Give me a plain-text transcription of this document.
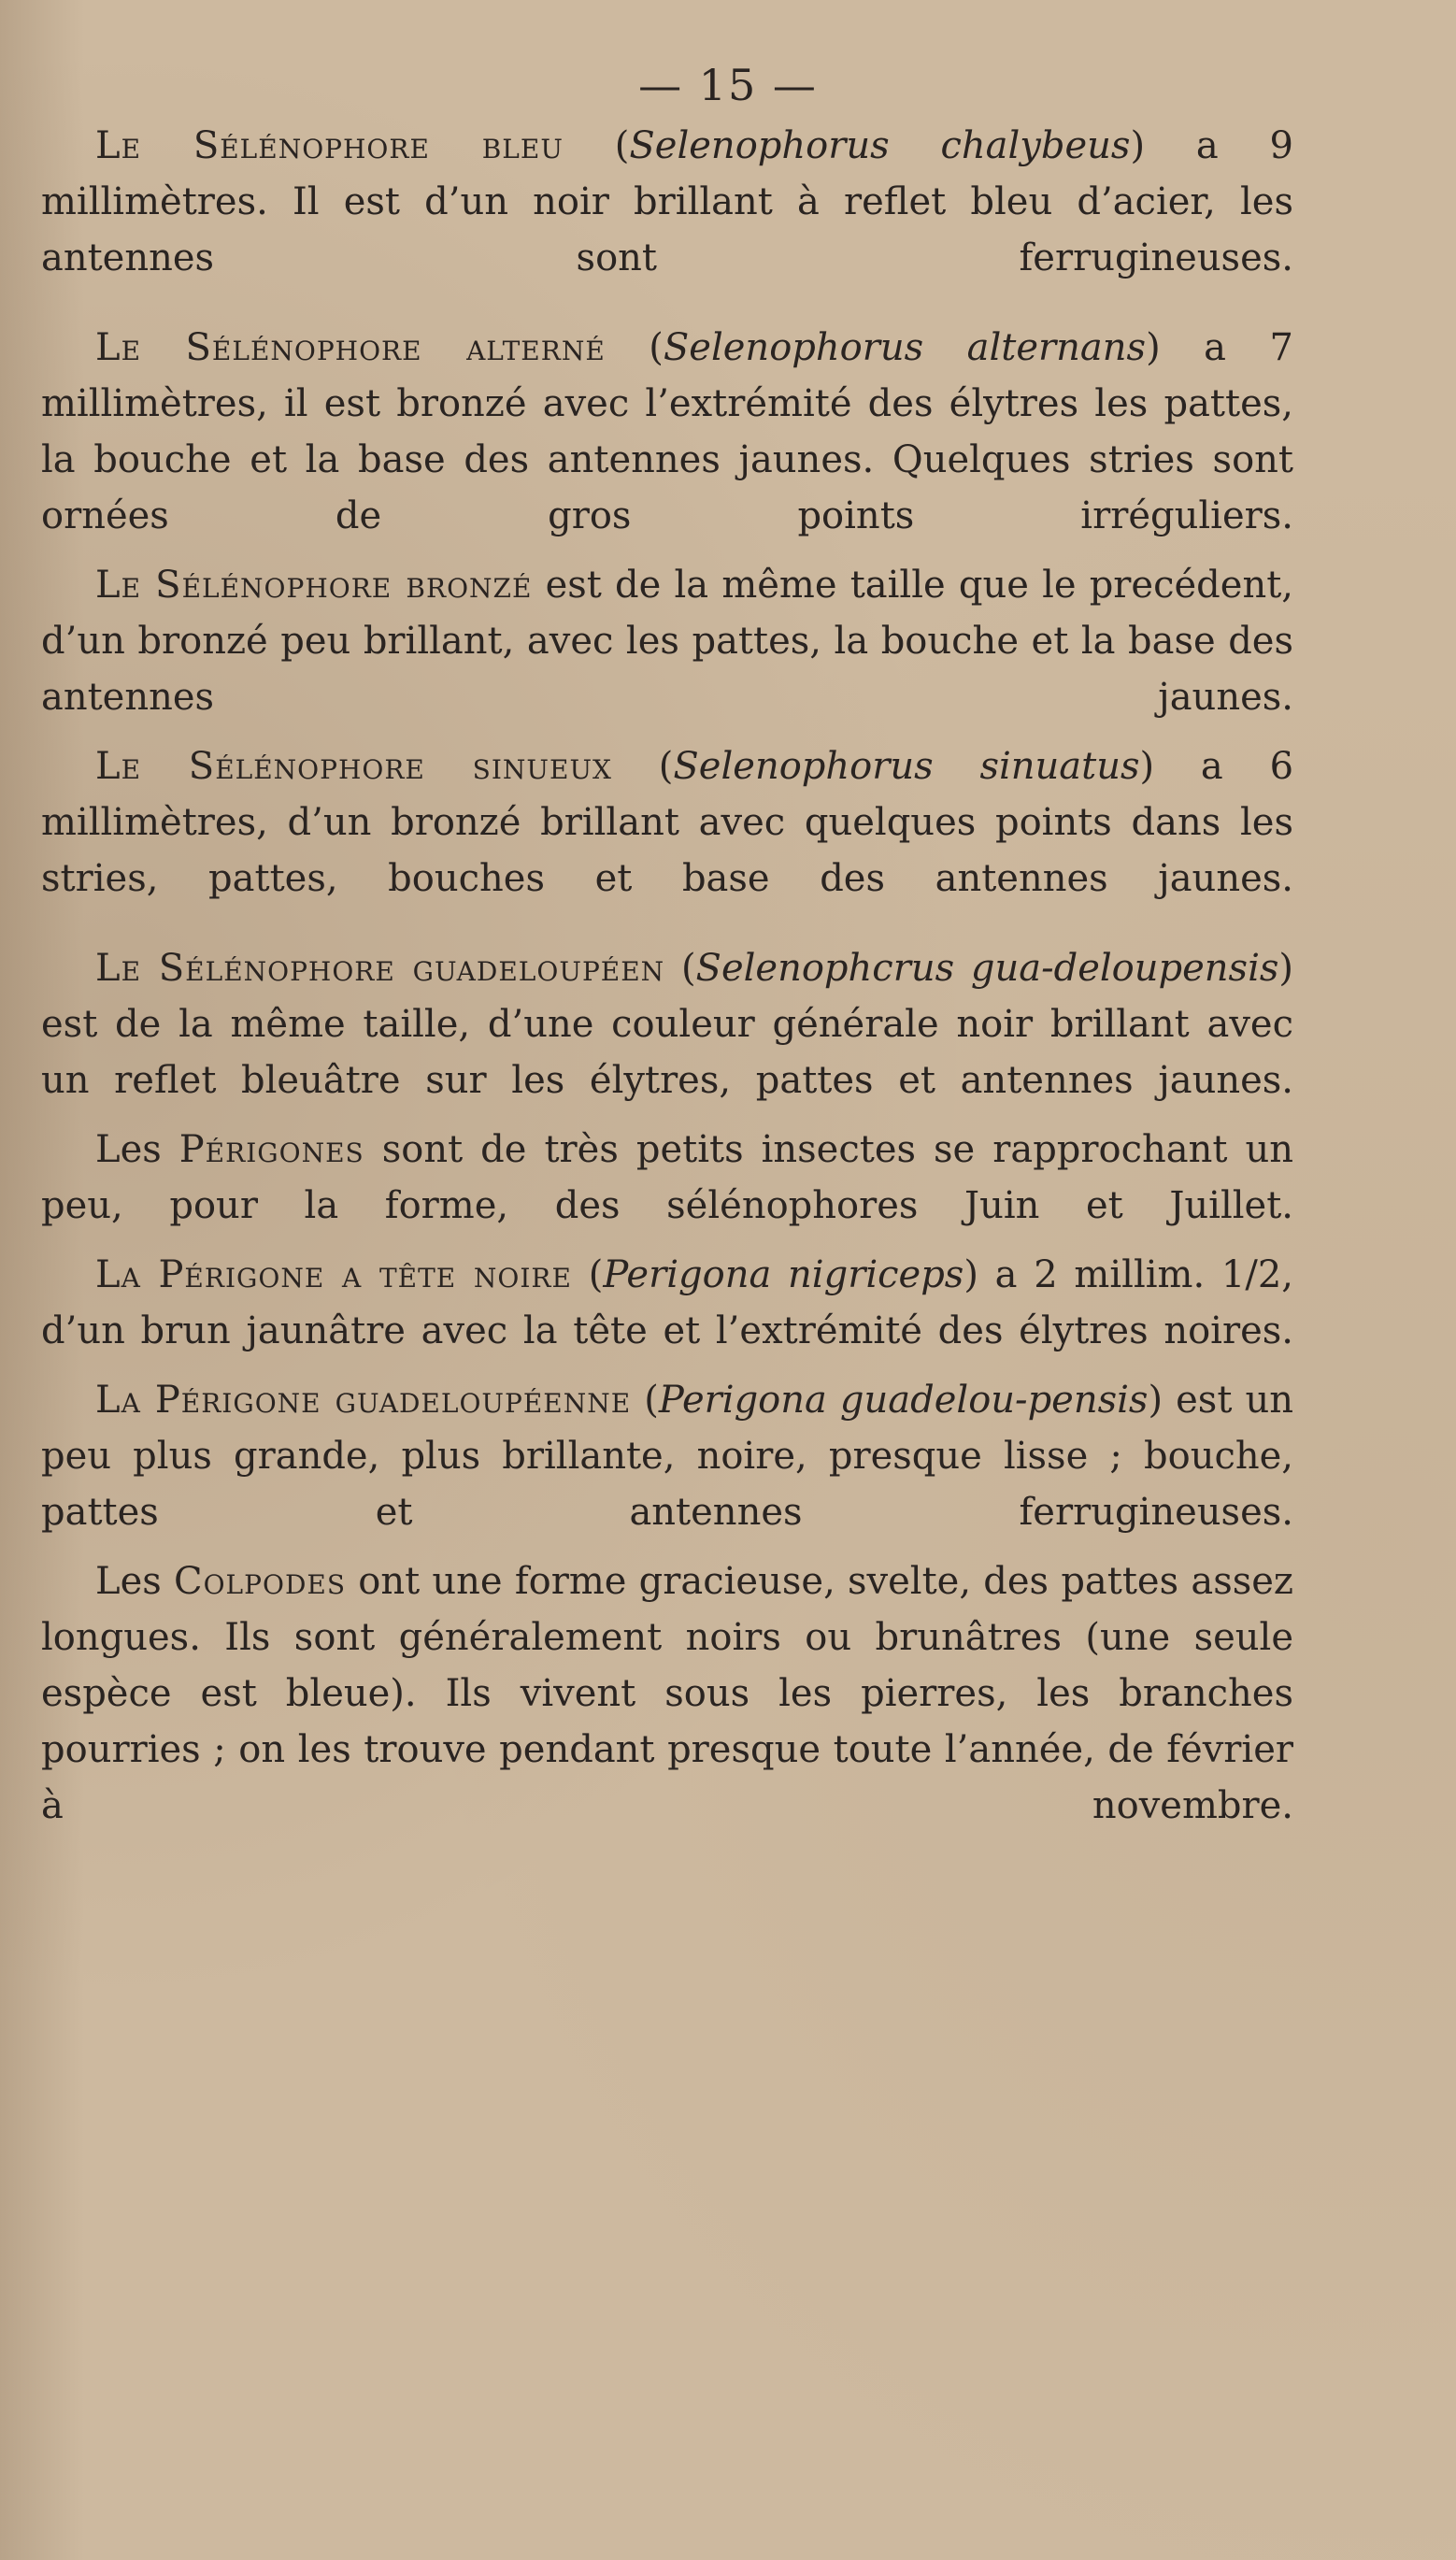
— 15 —

Le Sélénophore bleu (Selenophorus chalybeus) a 9 millimètres. Il est d’un noir brillant à reflet bleu d’acier, les antennes sont ferrugineuses.

Le Sélénophore alterné (Selenophorus alternans) a 7 millimètres, il est bronzé avec l’extrémité des élytres les pattes, la bouche et la base des antennes jaunes. Quelques stries sont ornées de gros points irréguliers.

Le Sélénophore bronzé est de la même taille que le precédent, d’un bronzé peu brillant, avec les pattes, la bouche et la base des antennes jaunes.

Le Sélénophore sinueux (Selenophorus sinuatus) a 6 millimètres, d’un bronzé brillant avec quelques points dans les stries, pattes, bouches et base des antennes jaunes.

Le Sélénophore guadeloupéen (Selenophcrus gua-deloupensis) est de la même taille, d’une couleur générale noir brillant avec un reflet bleuâtre sur les élytres, pattes et antennes jaunes.

Les Périgones sont de très petits insectes se rapprochant un peu, pour la forme, des sélénophores Juin et Juillet.

La Périgone a tête noire (Perigona nigriceps) a 2 millim. 1/2, d’un brun jaunâtre avec la tête et l’extrémité des élytres noires.

La Périgone guadeloupéenne (Perigona guadelou-pensis) est un peu plus grande, plus brillante, noire, presque lisse ; bouche, pattes et antennes ferrugineuses.

Les Colpodes ont une forme gracieuse, svelte, des pattes assez longues. Ils sont généralement noirs ou brunâtres (une seule espèce est bleue). Ils vivent sous les pierres, les branches pourries ; on les trouve pendant presque toute l’année, de février à novembre.
